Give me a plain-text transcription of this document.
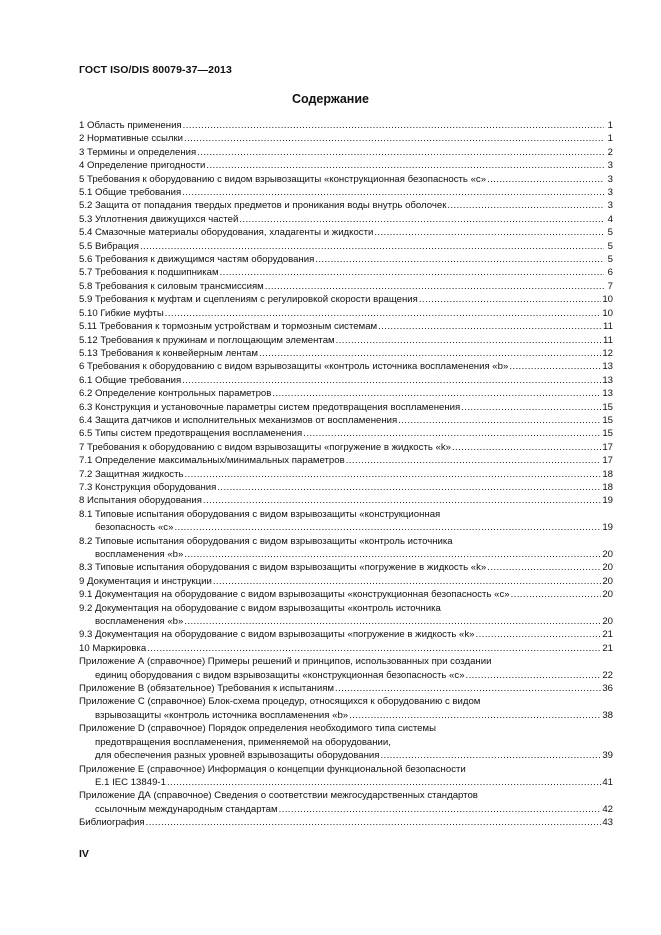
ГОСТ ISO/DIS 80079-37—2013
Содержание
1 Область применения .....	1
2 Нормативные ссылки .....	1
3 Термины и определения .....	2
4 Определение пригодности .....	3
5 Требования к оборудованию с видом взрывозащиты «конструкционная безопасность «с» .....	3
5.1 Общие требования .....	3
5.2 Защита от попадания твердых предметов и проникания воды внутрь оболочек .....	3
5.3 Уплотнения движущихся частей .....	4
5.4 Смазочные материалы оборудования, хладагенты и жидкости .....	5
5.5 Вибрация .....	5
5.6 Требования к движущимся частям оборудования .....	5
5.7 Требования к подшипникам .....	6
5.8 Требования к силовым трансмиссиям .....	7
5.9 Требования к муфтам и сцеплениям с регулировкой скорости вращения .....	10
5.10 Гибкие муфты .....	10
5.11 Требования к тормозным устройствам и тормозным системам .....	11
5.12 Требования к пружинам и поглощающим элементам .....	11
5.13 Требования к конвейерным лентам .....	12
6 Требования к оборудованию с видом взрывозащиты «контроль источника воспламенения «b» .....	13
6.1 Общие требования .....	13
6.2 Определение контрольных параметров .....	13
6.3 Конструкция и установочные параметры систем предотвращения воспламенения .....	15
6.4 Защита датчиков и исполнительных механизмов от воспламенения .....	15
6.5 Типы систем предотвращения воспламенения .....	15
7 Требования к оборудованию с видом взрывозащиты «погружение в жидкость «k» .....	17
7.1 Определение максимальных/минимальных параметров .....	17
7.2 Защитная жидкость .....	18
7.3 Конструкция оборудования .....	18
8 Испытания оборудования .....	19
8.1 Типовые испытания оборудования с видом взрывозащиты «конструкционная
безопасность «с» .....	19
8.2 Типовые испытания оборудования с видом взрывозащиты «контроль источника
воспламенения «b» .....	20
8.3 Типовые испытания оборудования с видом взрывозащиты «погружение в жидкость «k» .....	20
9 Документация и инструкции .....	20
9.1 Документация на оборудование с видом взрывозащиты «конструкционная безопасность «с» .....	20
9.2 Документация на оборудование с видом взрывозащиты «контроль источника
воспламенения «b» .....	20
9.3 Документация на оборудование с видом взрывозащиты «погружение в жидкость «k» .....	21
10 Маркировка .....	21
Приложение А (справочное) Примеры решений и принципов, использованных при создании
единиц оборудования с видом взрывозащиты «конструкционная безопасность «с» .....	22
Приложение В (обязательное) Требования к испытаниям .....	36
Приложение С (справочное) Блок-схема процедур, относящихся к оборудованию с видом
взрывозащиты «контроль источника воспламенения «b» .....	38
Приложение D (справочное) Порядок определения необходимого типа системы
предотвращения воспламенения, применяемой на оборудовании,
для обеспечения разных уровней взрывозащиты оборудования .....	39
Приложение Е (справочное) Информация о концепции функциональной безопасности
E.1 IEC 13849-1 .....	41
Приложение ДА (справочное) Сведения о соответствии межгосударственных стандартов
ссылочным международным стандартам .....	42
Библиография .....	43
IV
